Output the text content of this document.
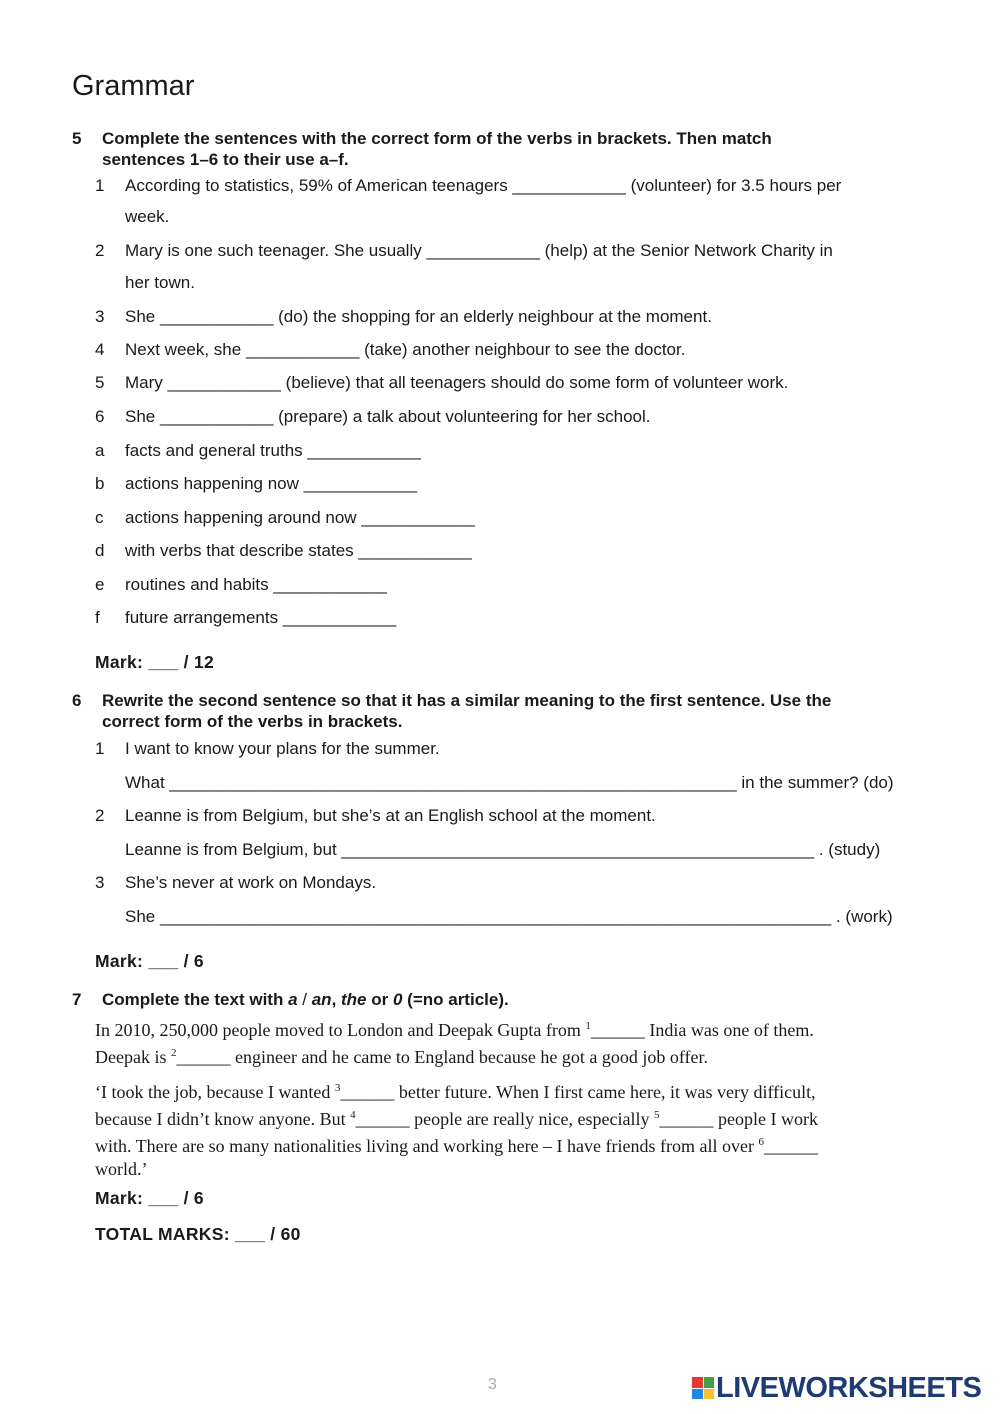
Grammar
5 Complete the sentences with the correct form of the verbs in brackets. Then match
sentences 1–6 to their use a–f.
1 According to statistics, 59% of American teenagers ____________ (volunteer) for 3.5 hours per
week.
2 Mary is one such teenager. She usually ____________ (help) at the Senior Network Charity in
her town.
3 She ____________ (do) the shopping for an elderly neighbour at the moment.
4 Next week, she ____________ (take) another neighbour to see the doctor.
5 Mary ____________ (believe) that all teenagers should do some form of volunteer work.
6 She ____________ (prepare) a talk about volunteering for her school.
a facts and general truths ____________
b actions happening now ____________
c actions happening around now ____________
d with verbs that describe states ____________
e routines and habits ____________
f future arrangements ____________
Mark: ___ / 12
6 Rewrite the second sentence so that it has a similar meaning to the first sentence. Use the
correct form of the verbs in brackets.
1 I want to know your plans for the summer.
What ____________________________________________________________ in the summer? (do)
2 Leanne is from Belgium, but she’s at an English school at the moment.
Leanne is from Belgium, but __________________________________________________ . (study)
3 She’s never at work on Mondays.
She _______________________________________________________________________ . (work)
Mark: ___ / 6
7 Complete the text with a / an, the or 0 (=no article).
In 2010, 250,000 people moved to London and Deepak Gupta from $^1$______ India was one of them.
Deepak is $^2$______ engineer and he came to England because he got a good job offer.
‘I took the job, because I wanted $^3$______ better future. When I first came here, it was very difficult,
because I didn’t know anyone. But $^4$______ people are really nice, especially $^5$______ people I work
with. There are so many nationalities living and working here – I have friends from all over $^6$______
world.’
Mark: ___ / 6
TOTAL MARKS: ___ / 60
3	LIVEWORKSHEETS
